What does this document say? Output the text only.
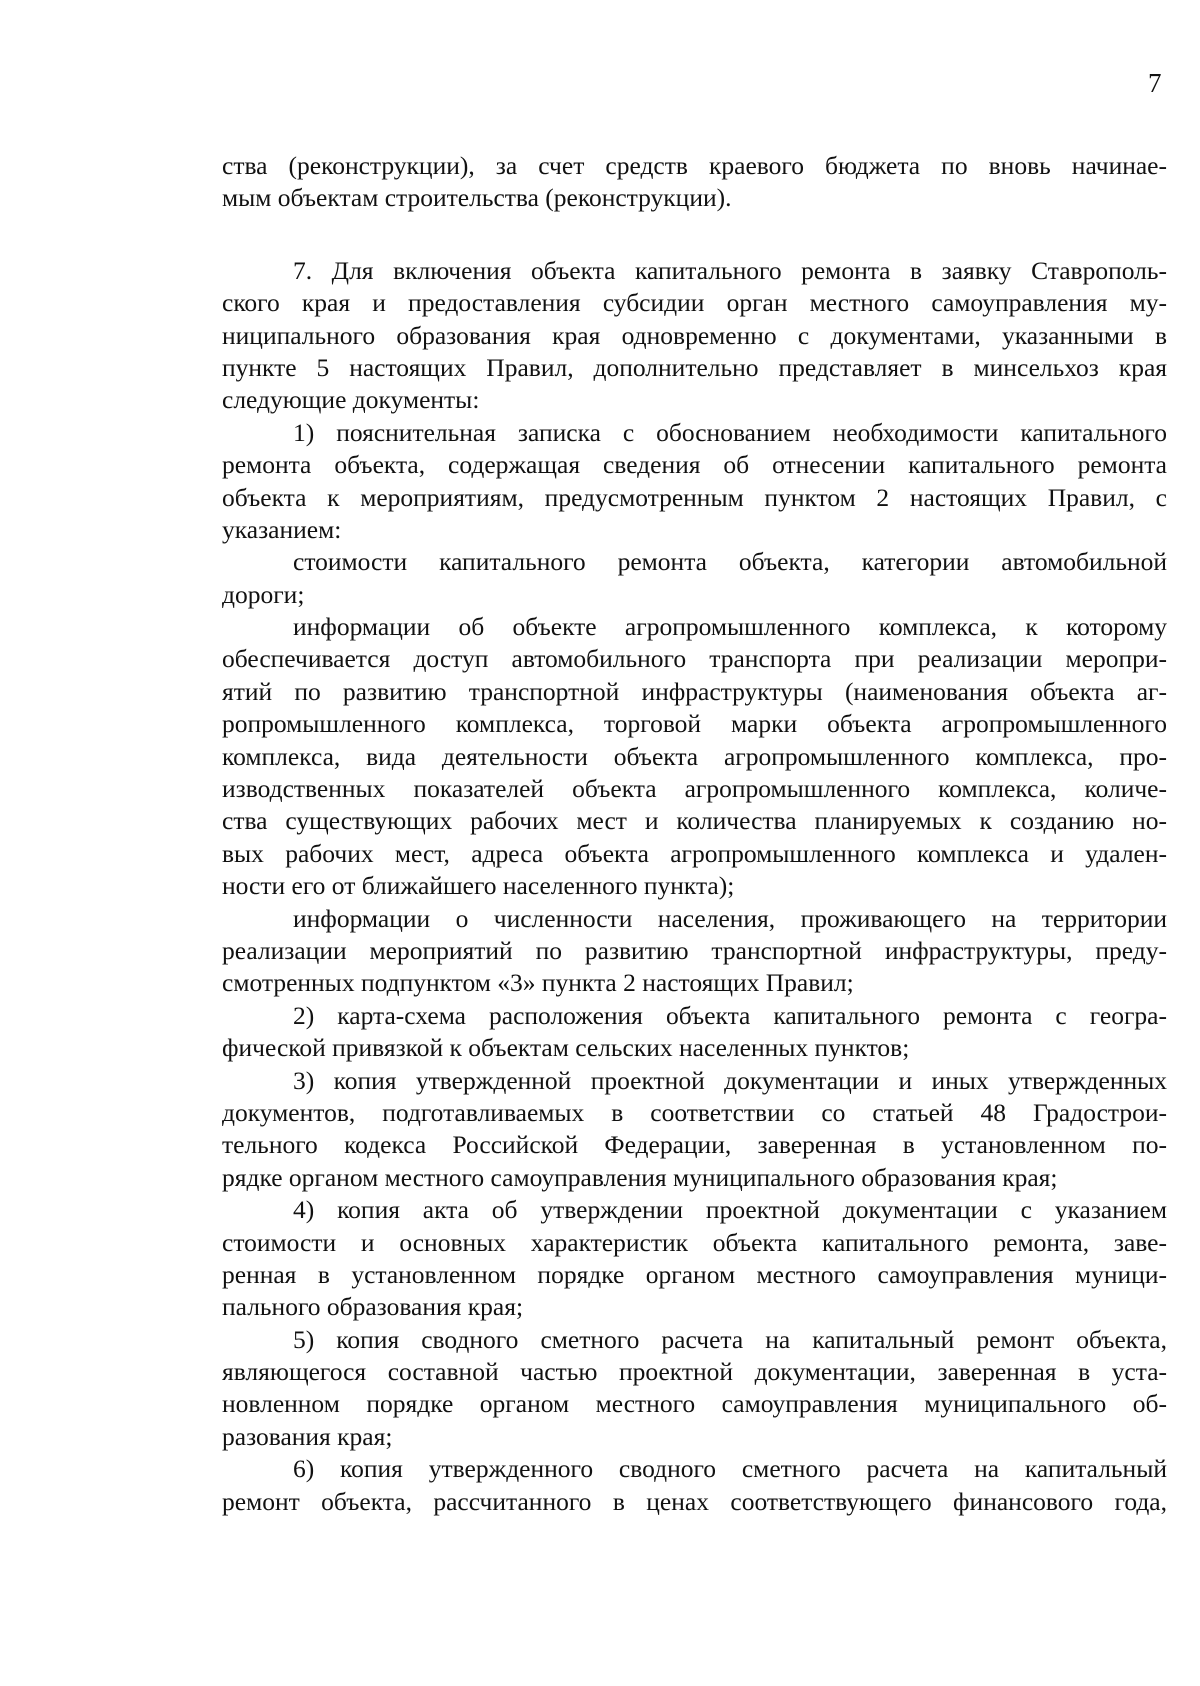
7
ства (реконструкции), за счет средств краевого бюджета по вновь начинае-
мым объектам строительства (реконструкции).
7. Для включения объекта капитального ремонта в заявку Ставрополь-
ского края и предоставления субсидии орган местного самоуправления му-
ниципального образования края одновременно с документами, указанными в
пункте 5 настоящих Правил, дополнительно представляет в минсельхоз края
следующие документы:
1) пояснительная записка с обоснованием необходимости капитального
ремонта объекта, содержащая сведения об отнесении капитального ремонта
объекта к мероприятиям, предусмотренным пунктом 2 настоящих Правил, с
указанием:
стоимости капитального ремонта объекта, категории автомобильной
дороги;
информации об объекте агропромышленного комплекса, к которому
обеспечивается доступ автомобильного транспорта при реализации меропри-
ятий по развитию транспортной инфраструктуры (наименования объекта аг-
ропромышленного комплекса, торговой марки объекта агропромышленного
комплекса, вида деятельности объекта агропромышленного комплекса, про-
изводственных показателей объекта агропромышленного комплекса, количе-
ства существующих рабочих мест и количества планируемых к созданию но-
вых рабочих мест, адреса объекта агропромышленного комплекса и удален-
ности его от ближайшего населенного пункта);
информации о численности населения, проживающего на территории
реализации мероприятий по развитию транспортной инфраструктуры, преду-
смотренных подпунктом «3» пункта 2 настоящих Правил;
2) карта-схема расположения объекта капитального ремонта с геогра-
фической привязкой к объектам сельских населенных пунктов;
3) копия утвержденной проектной документации и иных утвержденных
документов, подготавливаемых в соответствии со статьей 48 Градострои-
тельного кодекса Российской Федерации, заверенная в установленном по-
рядке органом местного самоуправления муниципального образования края;
4) копия акта об утверждении проектной документации с указанием
стоимости и основных характеристик объекта капитального ремонта, заве-
ренная в установленном порядке органом местного самоуправления муници-
пального образования края;
5) копия сводного сметного расчета на капитальный ремонт объекта,
являющегося составной частью проектной документации, заверенная в уста-
новленном порядке органом местного самоуправления муниципального об-
разования края;
6) копия утвержденного сводного сметного расчета на капитальный
ремонт объекта, рассчитанного в ценах соответствующего финансового года,
